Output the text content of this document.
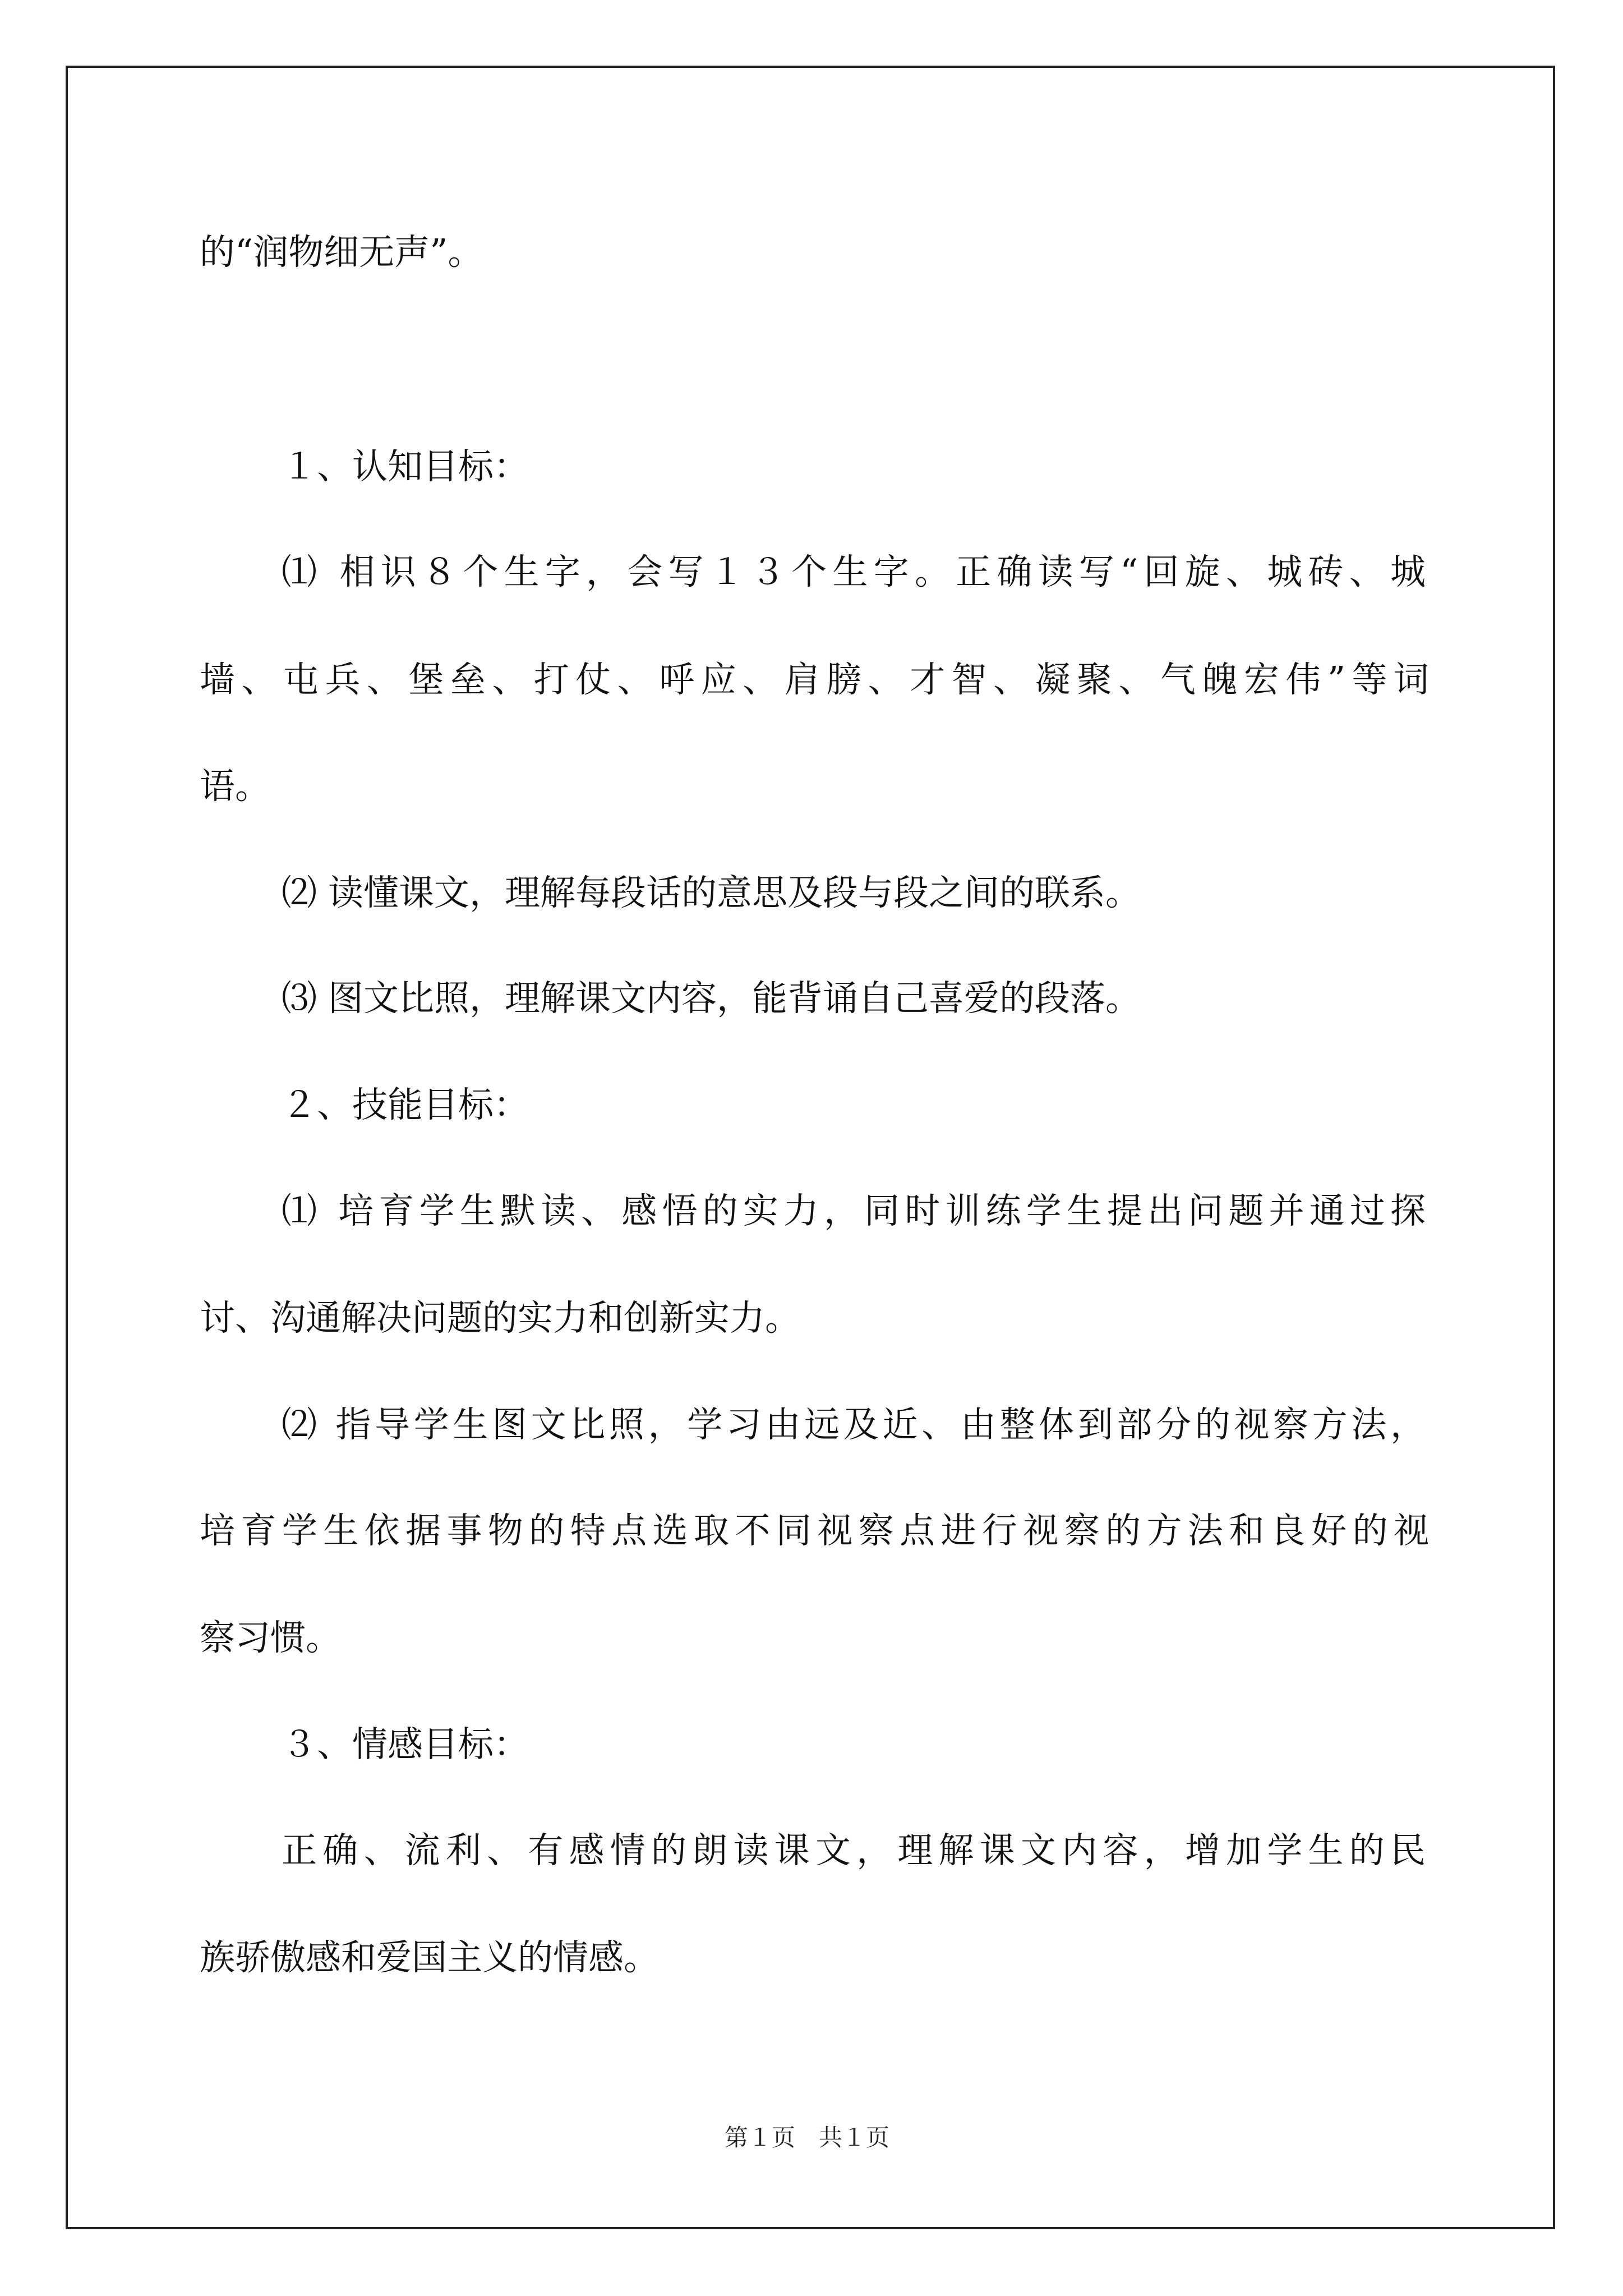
的“润物细无声”。
１、认知目标：
⑴ 相识８个生字，会写１３个生字。正确读写“回旋、城砖、城
墙、屯兵、堡垒、打仗、呼应、肩膀、才智、凝聚、气魄宏伟”等词
语。
⑵ 读懂课文，理解每段话的意思及段与段之间的联系。
⑶ 图文比照，理解课文内容，能背诵自己喜爱的段落。
２、技能目标：
⑴ 培育学生默读、感悟的实力，同时训练学生提出问题并通过探
讨、沟通解决问题的实力和创新实力。
⑵ 指导学生图文比照，学习由远及近、由整体到部分的视察方法，
培育学生依据事物的特点选取不同视察点进行视察的方法和良好的视
察习惯。
３、情感目标：
正确、流利、有感情的朗读课文，理解课文内容，增加学生的民
族骄傲感和爱国主义的情感。
第１页　共１页
